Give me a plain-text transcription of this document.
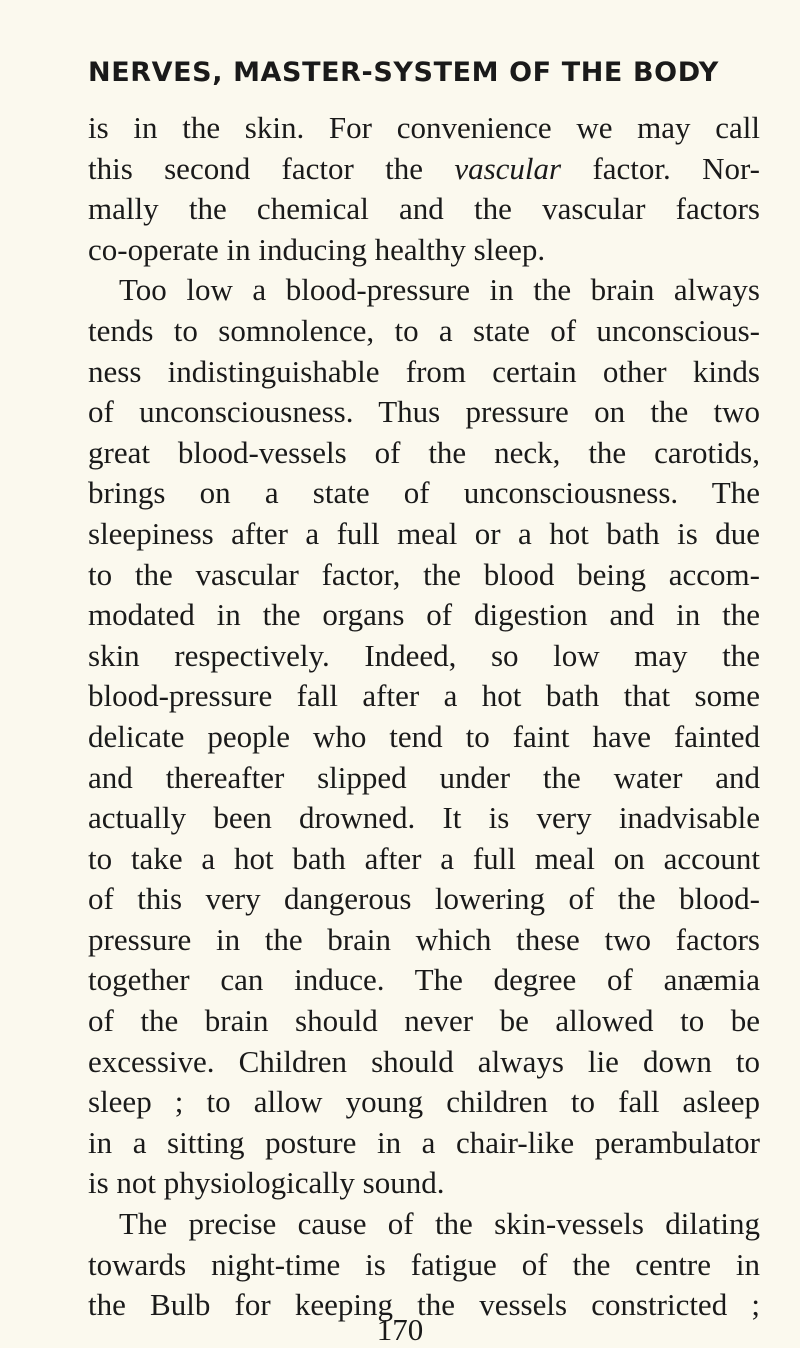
NERVES, MASTER-SYSTEM OF THE BODY
is in the skin. For convenience we may call
this second factor the vascular factor. Nor-
mally the chemical and the vascular factors
co-operate in inducing healthy sleep.
Too low a blood-pressure in the brain always
tends to somnolence, to a state of unconscious-
ness indistinguishable from certain other kinds
of unconsciousness. Thus pressure on the two
great blood-vessels of the neck, the carotids,
brings on a state of unconsciousness. The
sleepiness after a full meal or a hot bath is due
to the vascular factor, the blood being accom-
modated in the organs of digestion and in the
skin respectively. Indeed, so low may the
blood-pressure fall after a hot bath that some
delicate people who tend to faint have fainted
and thereafter slipped under the water and
actually been drowned. It is very inadvisable
to take a hot bath after a full meal on account
of this very dangerous lowering of the blood-
pressure in the brain which these two factors
together can induce. The degree of anæmia
of the brain should never be allowed to be
excessive. Children should always lie down to
sleep ; to allow young children to fall asleep
in a sitting posture in a chair-like perambulator
is not physiologically sound.
The precise cause of the skin-vessels dilating
towards night-time is fatigue of the centre in
the Bulb for keeping the vessels constricted ;
170
